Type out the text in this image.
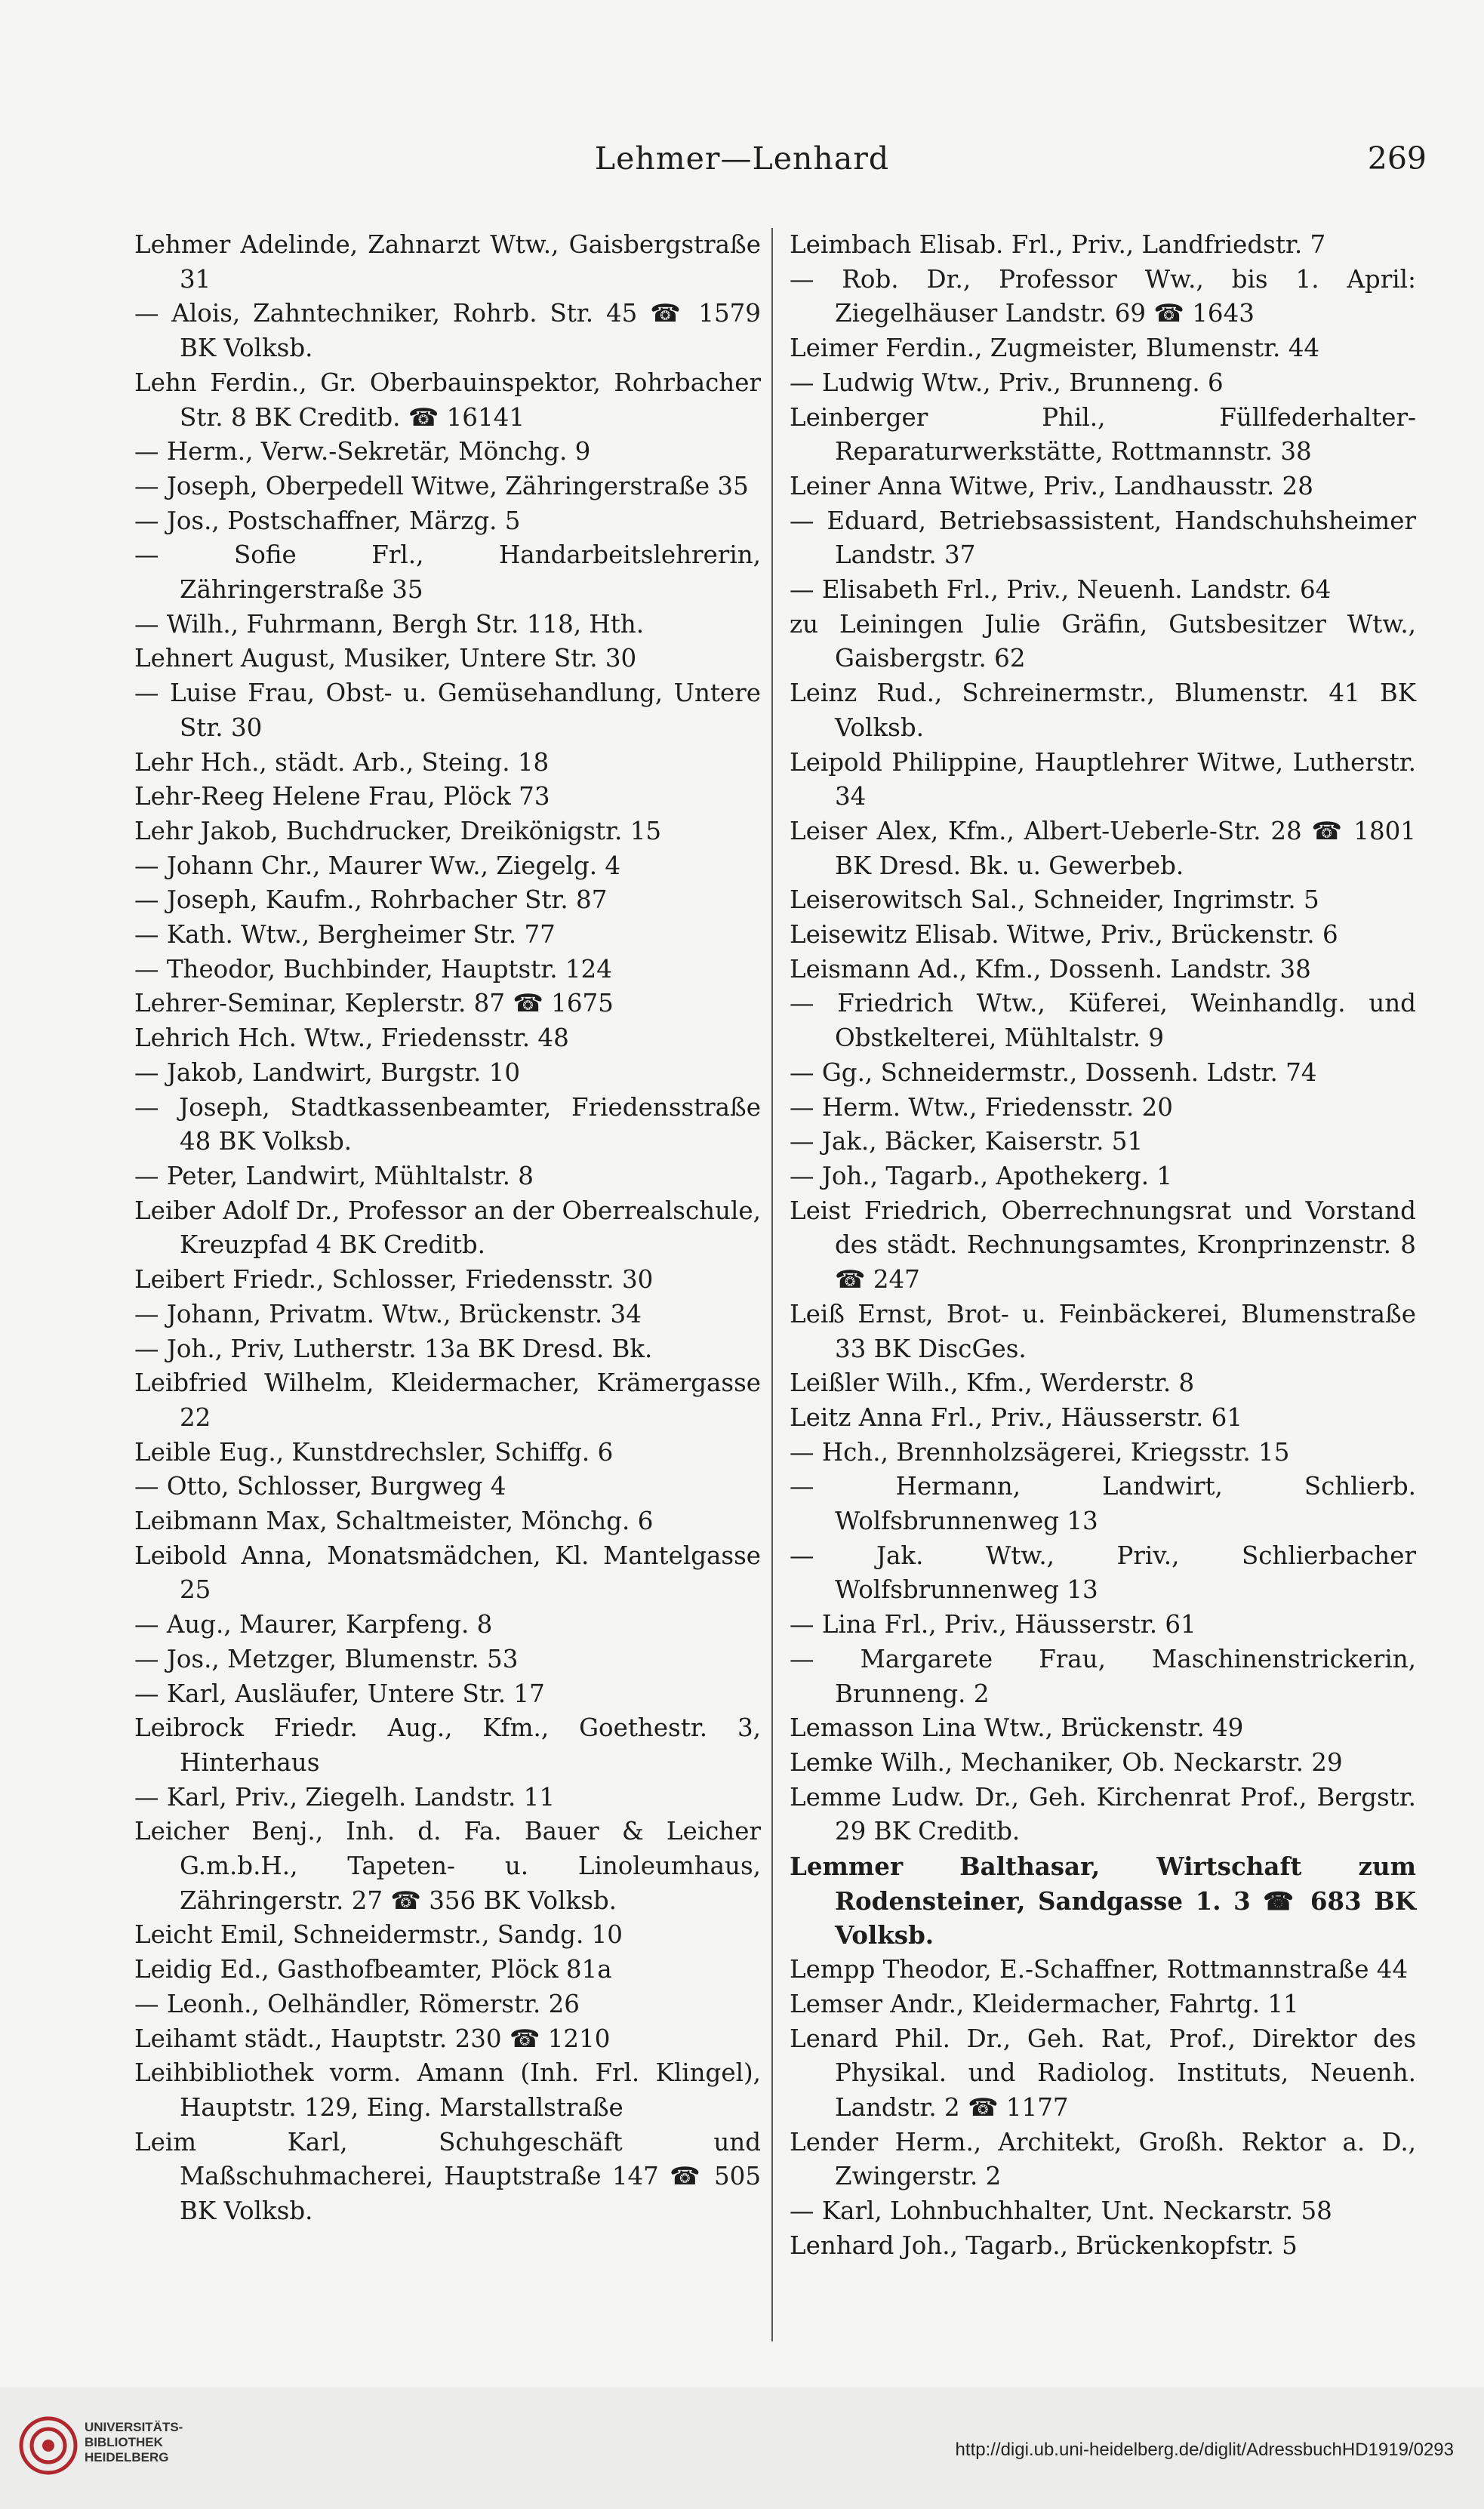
Lehmer—Lenhard	269

Lehmer Adelinde, Zahnarzt Wtw., Gaisbergstraße 31

— Alois, Zahntechniker, Rohrb. Str. 45 ☎ 1579 BK Volksb.

Lehn Ferdin., Gr. Oberbauinspektor, Rohrbacher Str. 8 BK Creditb. ☎ 16141

— Herm., Verw.-Sekretär, Mönchg. 9

— Joseph, Oberpedell Witwe, Zähringerstraße 35

— Jos., Postschaffner, Märzg. 5

— Sofie Frl., Handarbeitslehrerin, Zähringerstraße 35

— Wilh., Fuhrmann, Bergh Str. 118, Hth.

Lehnert August, Musiker, Untere Str. 30

— Luise Frau, Obst- u. Gemüsehandlung, Untere Str. 30

Lehr Hch., städt. Arb., Steing. 18

Lehr-Reeg Helene Frau, Plöck 73

Lehr Jakob, Buchdrucker, Dreikönigstr. 15

— Johann Chr., Maurer Ww., Ziegelg. 4

— Joseph, Kaufm., Rohrbacher Str. 87

— Kath. Wtw., Bergheimer Str. 77

— Theodor, Buchbinder, Hauptstr. 124

Lehrer-Seminar, Keplerstr. 87 ☎ 1675

Lehrich Hch. Wtw., Friedensstr. 48

— Jakob, Landwirt, Burgstr. 10

— Joseph, Stadtkassenbeamter, Friedensstraße 48 BK Volksb.

— Peter, Landwirt, Mühltalstr. 8

Leiber Adolf Dr., Professor an der Oberrealschule, Kreuzpfad 4 BK Creditb.

Leibert Friedr., Schlosser, Friedensstr. 30

— Johann, Privatm. Wtw., Brückenstr. 34

— Joh., Priv, Lutherstr. 13a BK Dresd. Bk.

Leibfried Wilhelm, Kleidermacher, Krämergasse 22

Leible Eug., Kunstdrechsler, Schiffg. 6

— Otto, Schlosser, Burgweg 4

Leibmann Max, Schaltmeister, Mönchg. 6

Leibold Anna, Monatsmädchen, Kl. Mantelgasse 25

— Aug., Maurer, Karpfeng. 8

— Jos., Metzger, Blumenstr. 53

— Karl, Ausläufer, Untere Str. 17

Leibrock Friedr. Aug., Kfm., Goethestr. 3, Hinterhaus

— Karl, Priv., Ziegelh. Landstr. 11

Leicher Benj., Inh. d. Fa. Bauer & Leicher G.m.b.H., Tapeten- u. Linoleumhaus, Zähringerstr. 27 ☎ 356 BK Volksb.

Leicht Emil, Schneidermstr., Sandg. 10

Leidig Ed., Gasthofbeamter, Plöck 81a

— Leonh., Oelhändler, Römerstr. 26

Leihamt städt., Hauptstr. 230 ☎ 1210

Leihbibliothek vorm. Amann (Inh. Frl. Klingel), Hauptstr. 129, Eing. Marstallstraße

Leim Karl, Schuhgeschäft und Maßschuhmacherei, Hauptstraße 147 ☎ 505 BK Volksb.

Leimbach Elisab. Frl., Priv., Landfriedstr. 7

— Rob. Dr., Professor Ww., bis 1. April: Ziegelhäuser Landstr. 69 ☎ 1643

Leimer Ferdin., Zugmeister, Blumenstr. 44

— Ludwig Wtw., Priv., Brunneng. 6

Leinberger Phil., Füllfederhalter-Reparaturwerkstätte, Rottmannstr. 38

Leiner Anna Witwe, Priv., Landhausstr. 28

— Eduard, Betriebsassistent, Handschuhsheimer Landstr. 37

— Elisabeth Frl., Priv., Neuenh. Landstr. 64

zu Leiningen Julie Gräfin, Gutsbesitzer Wtw., Gaisbergstr. 62

Leinz Rud., Schreinermstr., Blumenstr. 41 BK Volksb.

Leipold Philippine, Hauptlehrer Witwe, Lutherstr. 34

Leiser Alex, Kfm., Albert-Ueberle-Str. 28 ☎ 1801 BK Dresd. Bk. u. Gewerbeb.

Leiserowitsch Sal., Schneider, Ingrimstr. 5

Leisewitz Elisab. Witwe, Priv., Brückenstr. 6

Leismann Ad., Kfm., Dossenh. Landstr. 38

— Friedrich Wtw., Küferei, Weinhandlg. und Obstkelterei, Mühltalstr. 9

— Gg., Schneidermstr., Dossenh. Ldstr. 74

— Herm. Wtw., Friedensstr. 20

— Jak., Bäcker, Kaiserstr. 51

— Joh., Tagarb., Apothekerg. 1

Leist Friedrich, Oberrechnungsrat und Vorstand des städt. Rechnungsamtes, Kronprinzenstr. 8 ☎ 247

Leiß Ernst, Brot- u. Feinbäckerei, Blumenstraße 33 BK DiscGes.

Leißler Wilh., Kfm., Werderstr. 8

Leitz Anna Frl., Priv., Häusserstr. 61

— Hch., Brennholzsägerei, Kriegsstr. 15

— Hermann, Landwirt, Schlierb. Wolfsbrunnenweg 13

— Jak. Wtw., Priv., Schlierbacher Wolfsbrunnenweg 13

— Lina Frl., Priv., Häusserstr. 61

— Margarete Frau, Maschinenstrickerin, Brunneng. 2

Lemasson Lina Wtw., Brückenstr. 49

Lemke Wilh., Mechaniker, Ob. Neckarstr. 29

Lemme Ludw. Dr., Geh. Kirchenrat Prof., Bergstr. 29 BK Creditb.

Lemmer Balthasar, Wirtschaft zum Rodensteiner, Sandgasse 1. 3 ☎ 683 BK Volksb.

Lempp Theodor, E.-Schaffner, Rottmannstraße 44

Lemser Andr., Kleidermacher, Fahrtg. 11

Lenard Phil. Dr., Geh. Rat, Prof., Direktor des Physikal. und Radiolog. Instituts, Neuenh. Landstr. 2 ☎ 1177

Lender Herm., Architekt, Großh. Rektor a. D., Zwingerstr. 2

— Karl, Lohnbuchhalter, Unt. Neckarstr. 58

Lenhard Joh., Tagarb., Brückenkopfstr. 5

UNIVERSITÄTS-
BIBLIOTHEK
HEIDELBERG	http://digi.ub.uni-heidelberg.de/diglit/AdressbuchHD1919/0293
